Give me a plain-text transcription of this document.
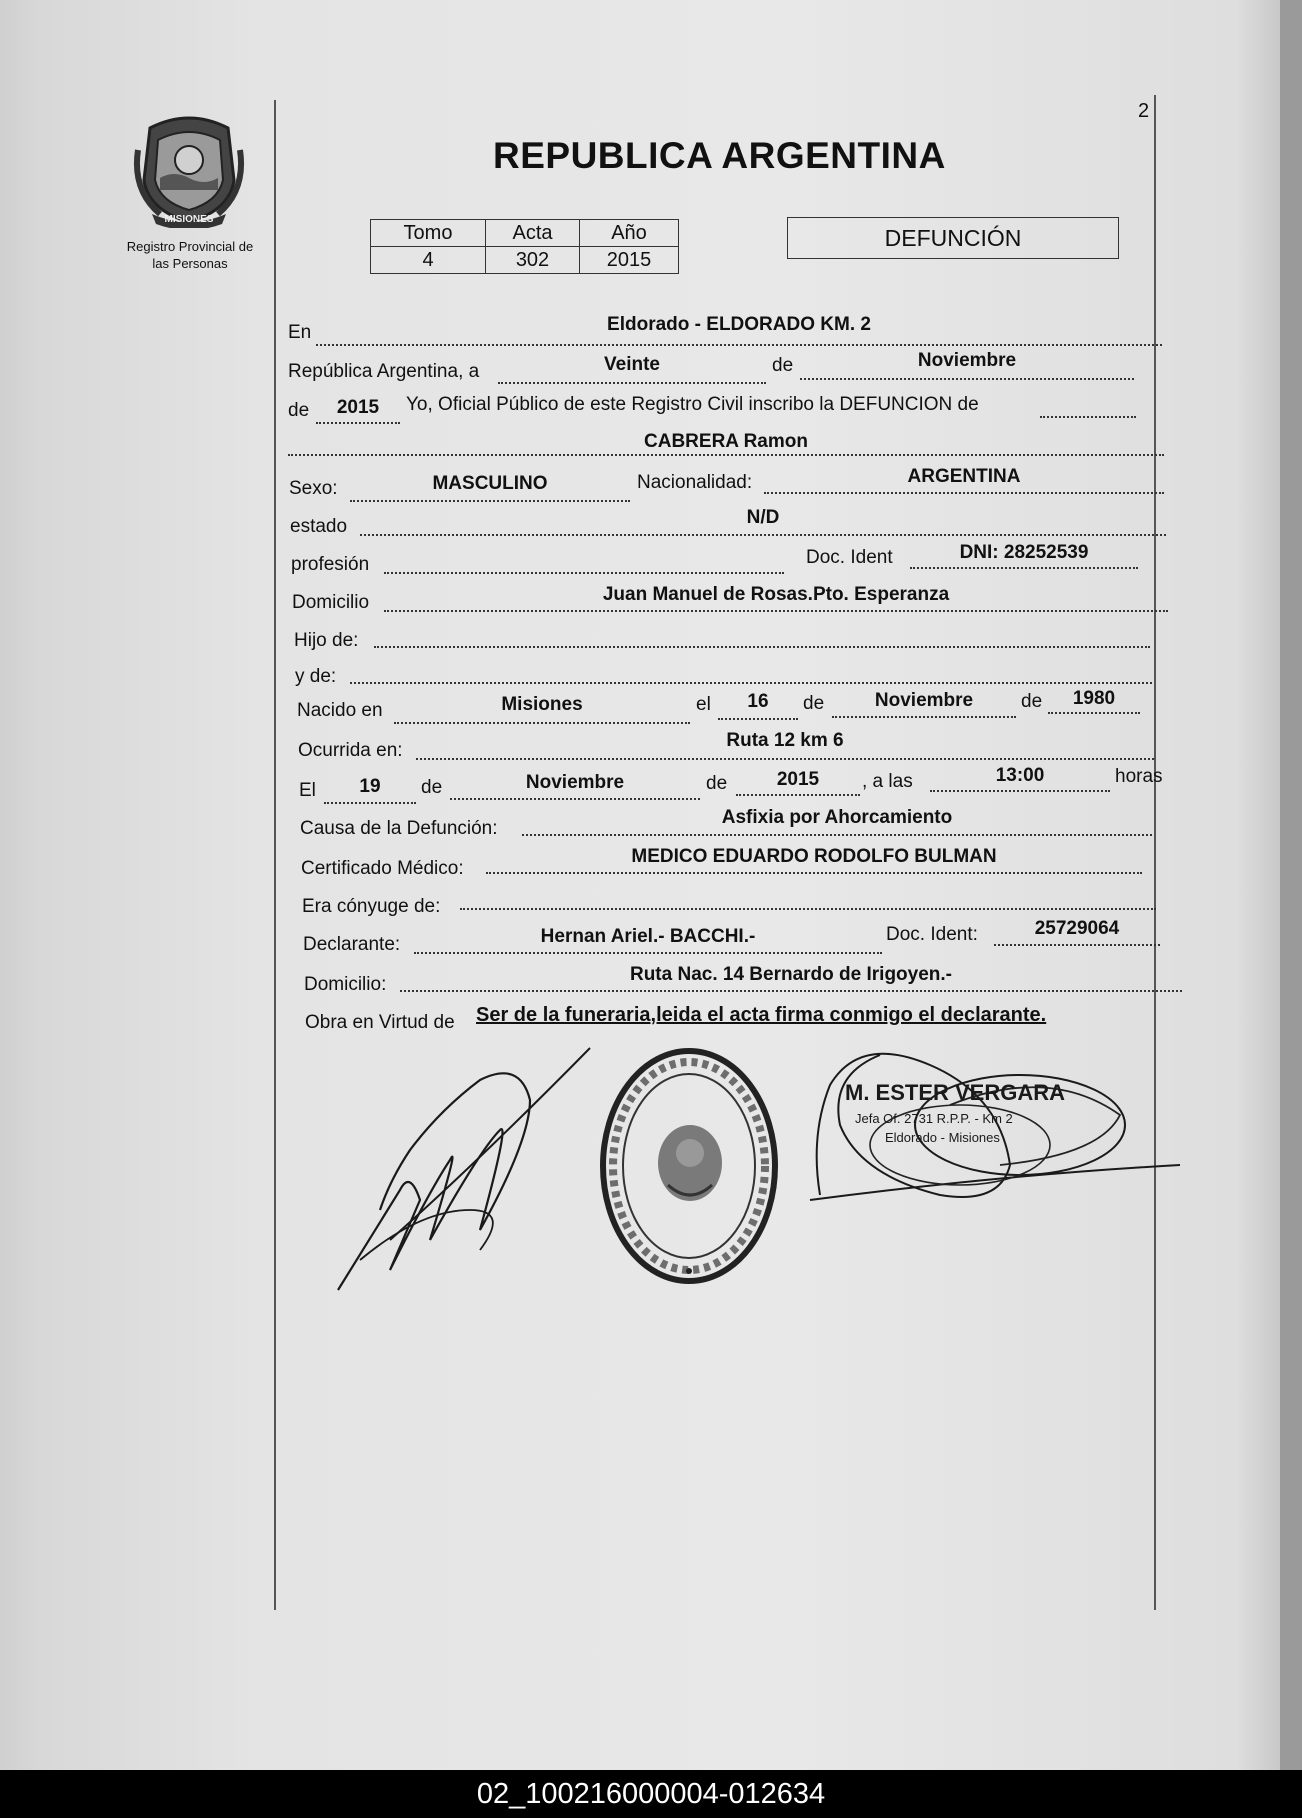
2
MISIONES
Registro Provincial de
las Personas
REPUBLICA ARGENTINA
Tomo	Acta	Año
4	302	2015
DEFUNCIÓN
En	Eldorado - ELDORADO KM. 2
República Argentina, a	Veinte	de	Noviembre
de	2015	Yo, Oficial Público de este Registro Civil inscribo la DEFUNCION de
CABRERA Ramon
Sexo:	MASCULINO	Nacionalidad:	ARGENTINA
estado	N/D
profesión	Doc. Ident	DNI: 28252539
Domicilio	Juan Manuel de Rosas.Pto. Esperanza
Hijo de:
y de:
Nacido en	Misiones	el	16	de	Noviembre	de	1980
Ocurrida en:	Ruta 12 km 6
El	19	de	Noviembre	de	2015	, a las	13:00	horas
Causa de la Defunción:
Asfixia por Ahorcamiento
Certificado Médico:
MEDICO EDUARDO RODOLFO BULMAN
Era cónyuge de:
Declarante:	Hernan Ariel.- BACCHI.-	Doc. Ident:	25729064
Domicilio:	Ruta Nac. 14 Bernardo de Irigoyen.-
Obra en Virtud de Ser de la funeraria,leida el acta firma conmigo el declarante.
M. ESTER VERGARA
Jefa Of. 2731 R.P.P. - Km 2
Eldorado - Misiones
02_100216000004-012634
